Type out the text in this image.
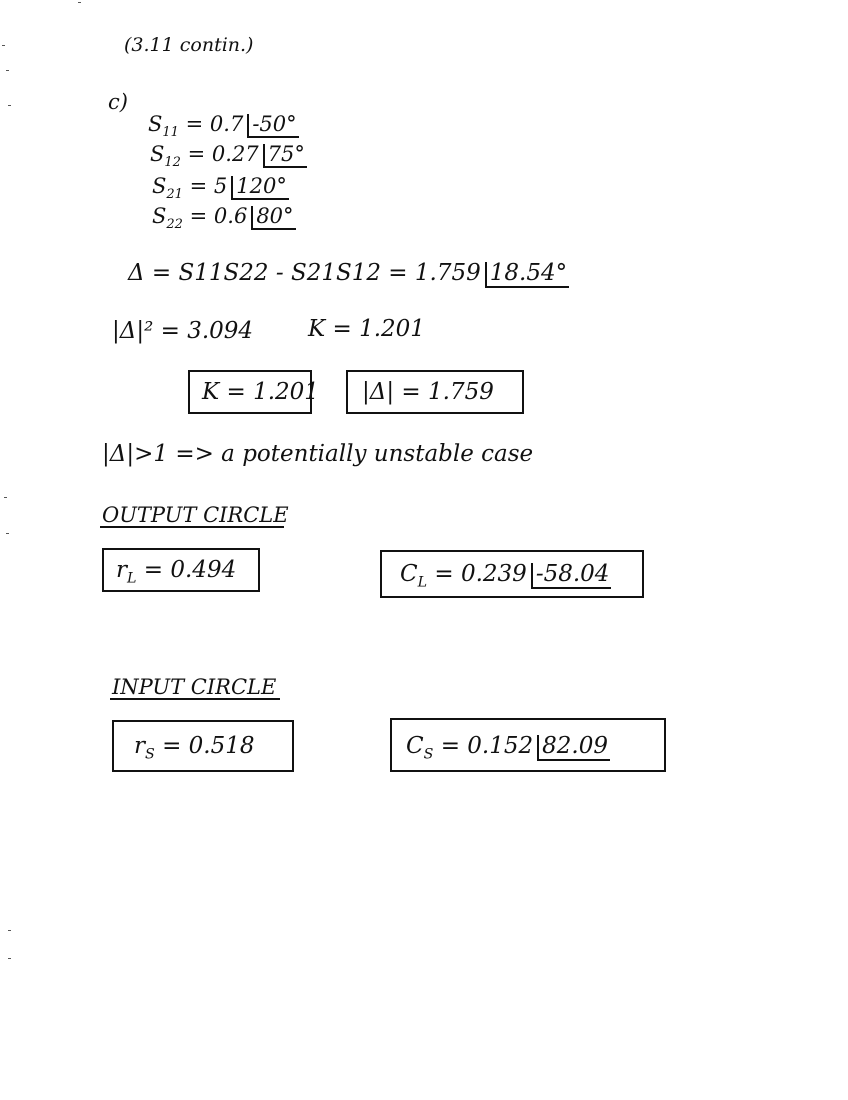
(3.11 contin.)
c)
$S_{11} = 0.7$ -50°
$S_{12} = 0.27$ 75°
$S_{21} = 5$ 120°
$S_{22} = 0.6$ 80°
Δ = S11S22 - S21S12 = 1.759 18.54°
|Δ|² = 3.094 K = 1.201
K = 1.201 |Δ| = 1.759
|Δ|>1 => a potentially unstable case
OUTPUT CIRCLE
$r_L = 0.494$	$C_L = 0.239$ -58.04
INPUT CIRCLE
$r_S = 0.518$	$C_S = 0.152$ 82.09
